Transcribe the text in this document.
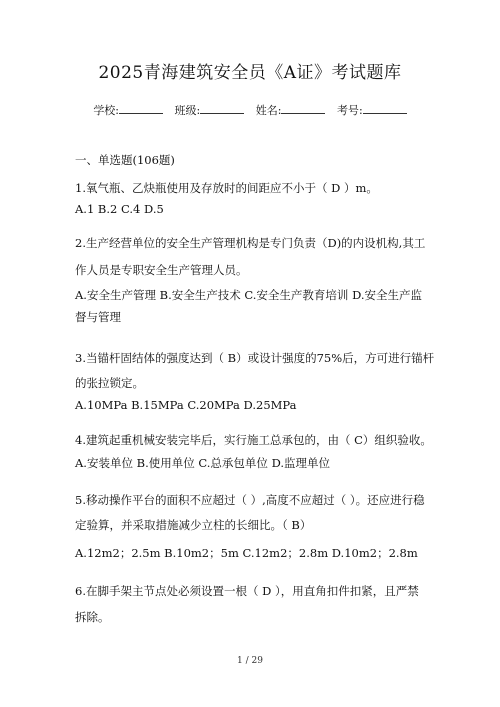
2025青海建筑安全员《A证》考试题库
学校:	班级:	姓名:	考号:
一、单选题(106题)
1.氧气瓶、乙炔瓶使用及存放时的间距应不小于（ D ）m。
A.1 B.2 C.4 D.5
2.生产经营单位的安全生产管理机构是专门负责（D)的内设机构,其工
作人员是专职安全生产管理人员。
A.安全生产管理 B.安全生产技术 C.安全生产教育培训 D.安全生产监
督与管理
3.当锚杆固结体的强度达到（ B）或设计强度的75%后，方可进行锚杆
的张拉锁定。
A.10MPa B.15MPa C.20MPa D.25MPa
4.建筑起重机械安装完毕后，实行施工总承包的，由（ C）组织验收。
A.安装单位 B.使用单位 C.总承包单位 D.监理单位
5.移动操作平台的面积不应超过（ ）,高度不应超过（ ）。还应进行稳
定验算，并采取措施减少立柱的长细比。（ B）
A.12m2；2.5m B.10m2；5m C.12m2；2.8m D.10m2；2.8m
6.在脚手架主节点处必须设置一根（ D ），用直角扣件扣紧，且严禁
拆除。
1 / 29
